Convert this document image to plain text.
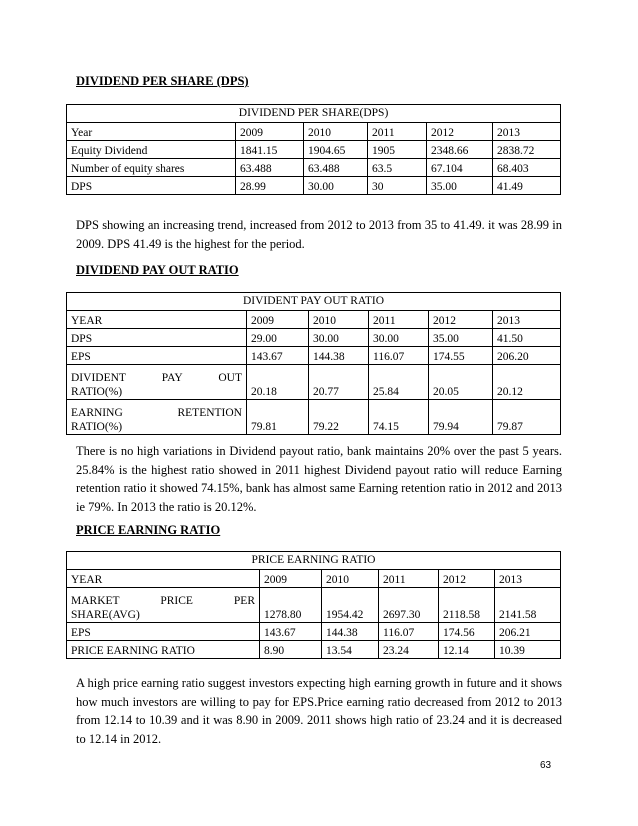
DIVIDEND PER SHARE (DPS)
DIVIDEND PER SHARE(DPS)					
Year	2009	2010	2011	2012	2013
Equity Dividend	1841.15	1904.65	1905	2348.66	2838.72
Number of equity shares	63.488	63.488	63.5	67.104	68.403
DPS	28.99	30.00	30	35.00	41.49
DPS showing an increasing trend, increased from 2012 to 2013 from 35 to 41.49. it was 28.99 in 2009. DPS 41.49 is the highest for the period.
DIVIDEND PAY OUT RATIO
DIVIDENT PAY OUT RATIO					
YEAR	2009	2010	2011	2012	2013
DPS	29.00	30.00	30.00	35.00	41.50
EPS	143.67	144.38	116.07	174.55	206.20

DIVIDENT PAY OUT
RATIO(%)	20.18	20.77	25.84	20.05	20.12

EARNING RETENTION
RATIO(%)	79.81	79.22	74.15	79.94	79.87
There is no high variations in Dividend payout ratio, bank maintains 20% over the past 5 years. 25.84% is the highest ratio showed in 2011 highest Dividend payout ratio will reduce Earning retention ratio it showed 74.15%, bank has almost same Earning retention ratio in 2012 and 2013 ie 79%. In 2013 the ratio is 20.12%.
PRICE EARNING RATIO
PRICE EARNING RATIO					
YEAR	2009	2010	2011	2012	2013

MARKET PRICE PER
SHARE(AVG)	1278.80	1954.42	2697.30	2118.58	2141.58
EPS	143.67	144.38	116.07	174.56	206.21
PRICE EARNING RATIO	8.90	13.54	23.24	12.14	10.39
A high price earning ratio suggest investors expecting high earning growth in future and it shows how much investors are willing to pay for EPS.Price earning ratio decreased from 2012 to 2013 from 12.14 to 10.39 and it was 8.90 in 2009. 2011 shows high ratio of 23.24 and it is decreased to 12.14 in 2012.
63
